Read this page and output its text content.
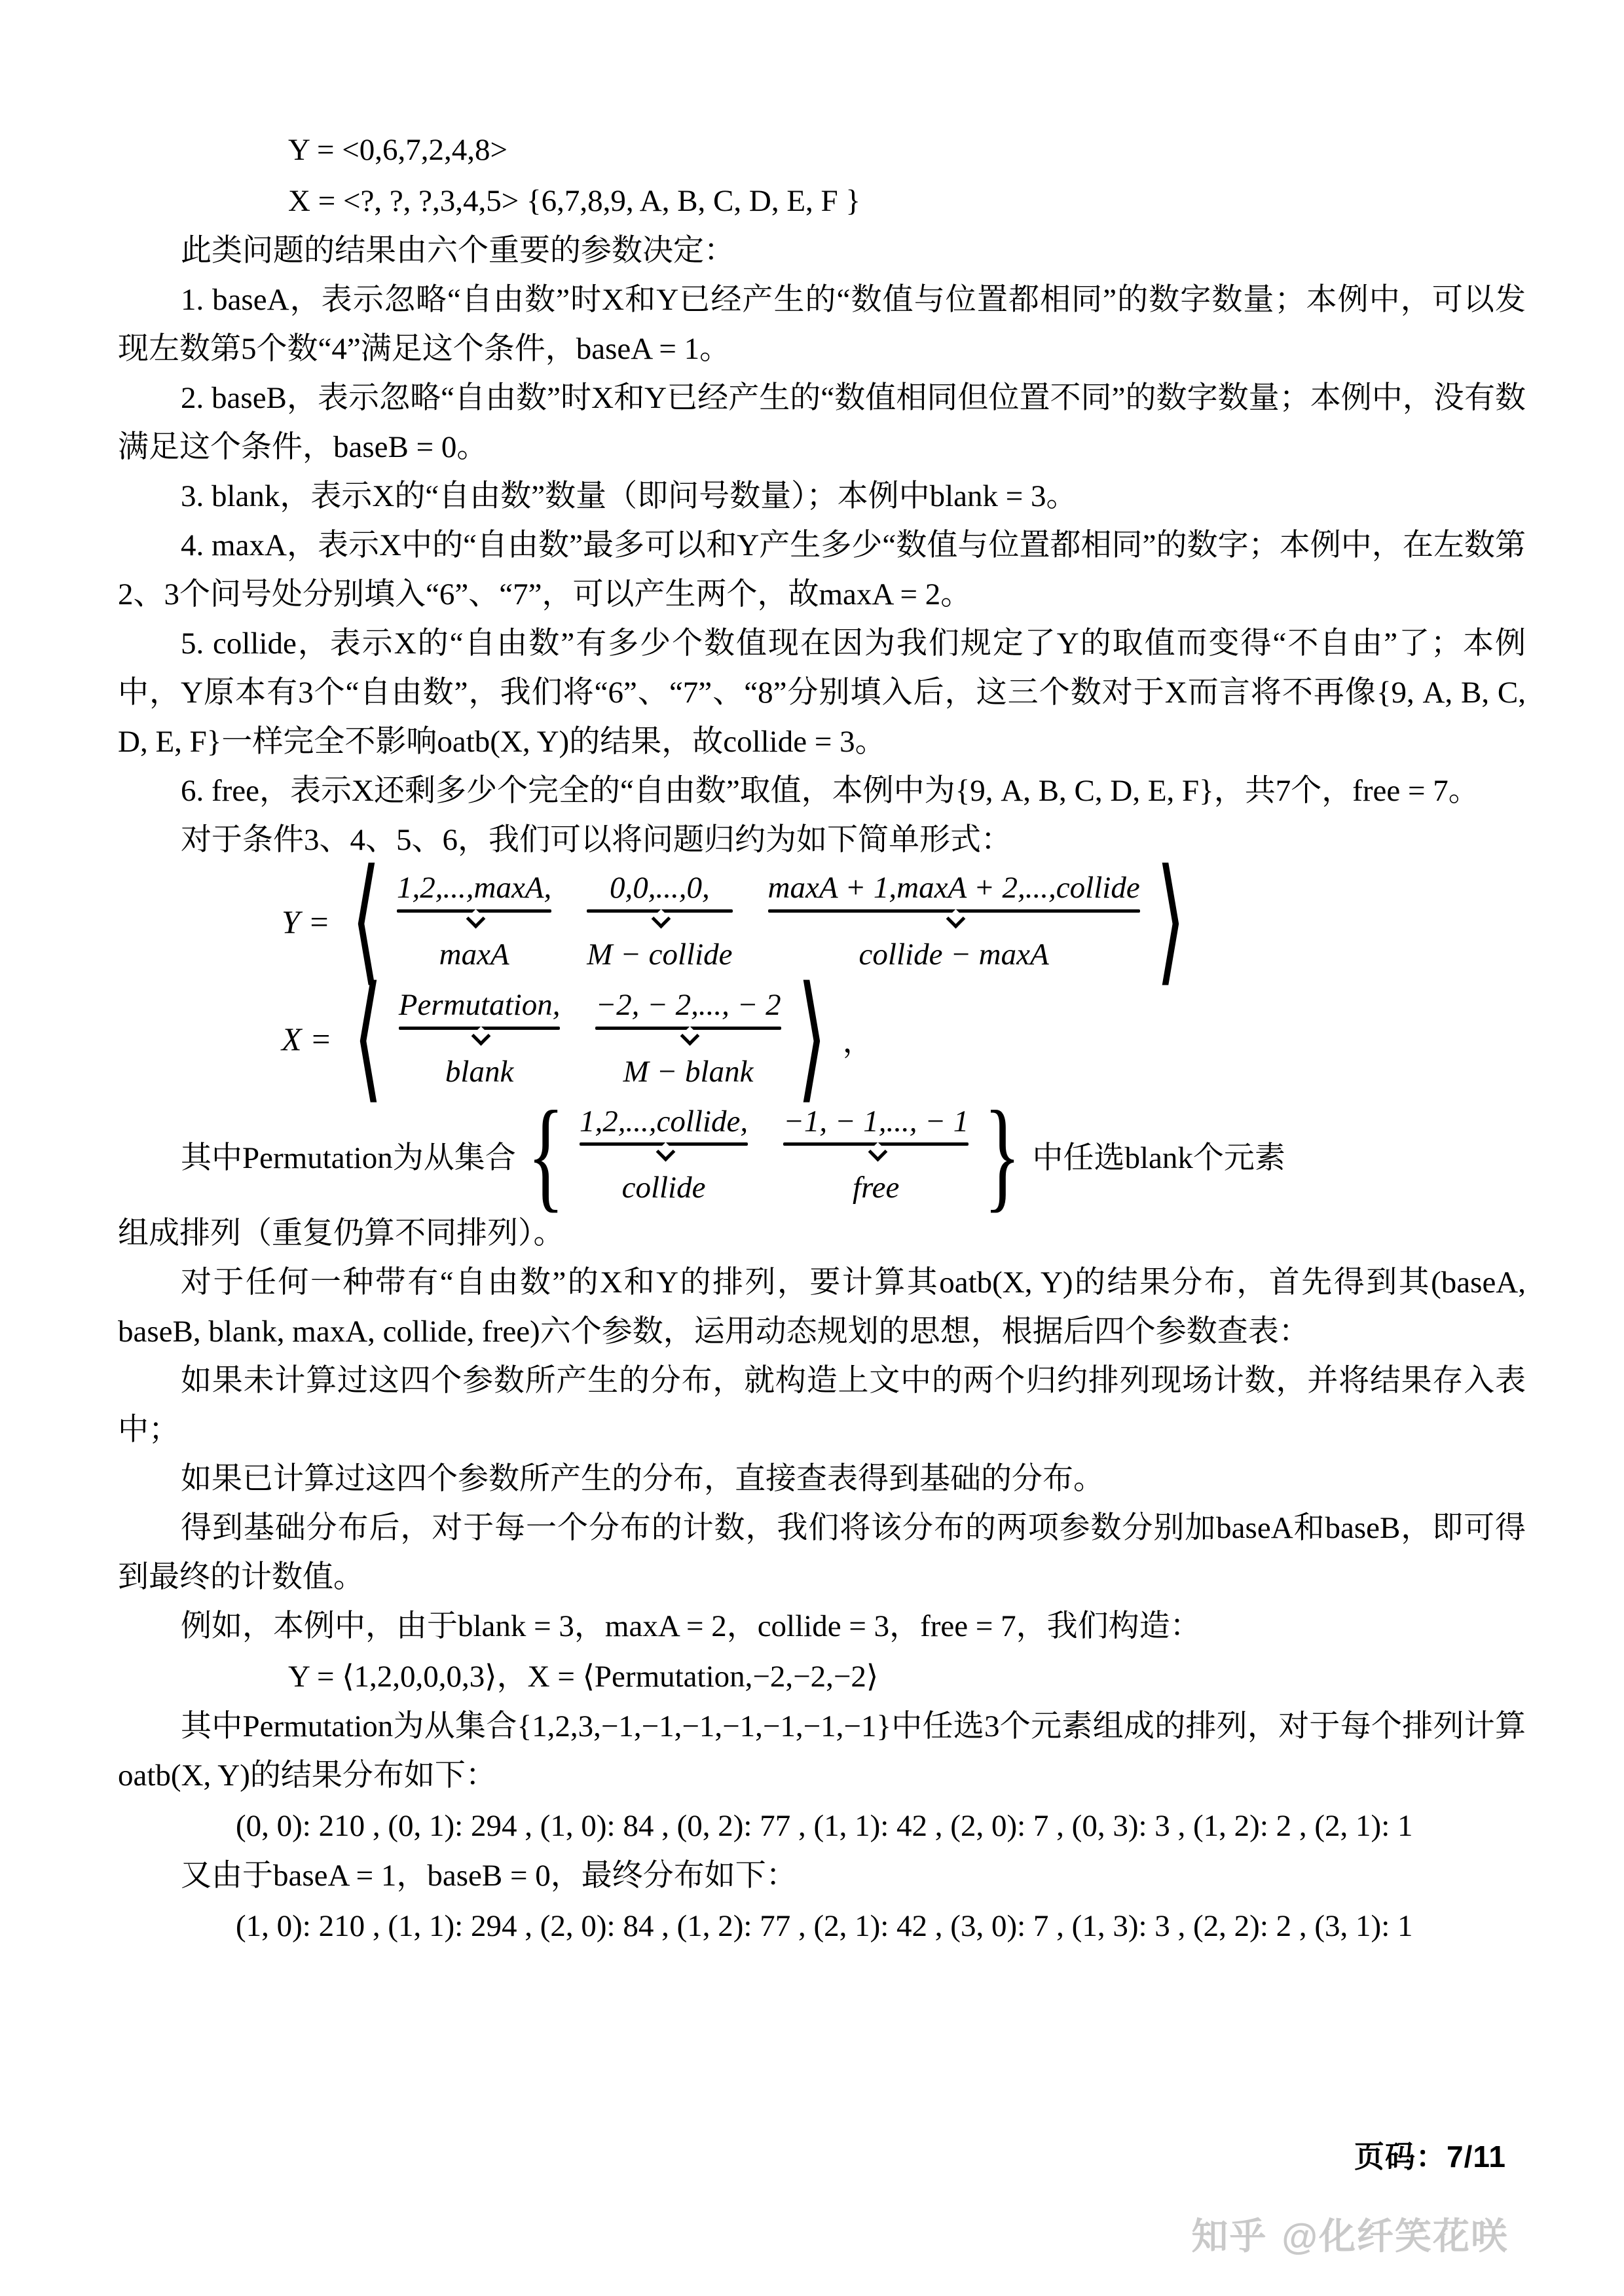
Y = <0,6,7,2,4,8>

X = <?, ?, ?,3,4,5> {6,7,8,9, A, B, C, D, E, F }

此类问题的结果由六个重要的参数决定：

1. baseA，表示忽略“自由数”时X和Y已经产生的“数值与位置都相同”的数字数量；本例中，可以发现左数第5个数“4”满足这个条件，baseA = 1。

2. baseB，表示忽略“自由数”时X和Y已经产生的“数值相同但位置不同”的数字数量；本例中，没有数满足这个条件，baseB = 0。

3. blank，表示X的“自由数”数量（即问号数量）；本例中blank = 3。

4. maxA，表示X中的“自由数”最多可以和Y产生多少“数值与位置都相同”的数字；本例中，在左数第2、3个问号处分别填入“6”、“7”，可以产生两个，故maxA = 2。

5. collide，表示X的“自由数”有多少个数值现在因为我们规定了Y的取值而变得“不自由”了；本例中，Y原本有3个“自由数”，我们将“6”、“7”、“8”分别填入后，这三个数对于X而言将不再像{9, A, B, C, D, E, F}一样完全不影响oatb(X, Y)的结果，故collide = 3。

6. free，表示X还剩多少个完全的“自由数”取值，本例中为{9, A, B, C, D, E, F}，共7个，free = 7。

对于条件3、4、5、6，我们可以将问题归约为如下简单形式：

Y = ⟨ 1,2,...,maxA,
maxA
0,0,...,0,
M − collide
maxA + 1,maxA + 2,...,collide
collide − maxA ⟩
X = ⟨ Permutation,
blank
−2, − 2,..., − 2
M − blank ⟩ ，
其中Permutation为从集合 { 1,2,...,collide,
collide
−1, − 1,..., − 1
free } 中任选blank个元素

组成排列（重复仍算不同排列）。

对于任何一种带有“自由数”的X和Y的排列，要计算其oatb(X, Y)的结果分布，首先得到其(baseA, baseB, blank, maxA, collide, free)六个参数，运用动态规划的思想，根据后四个参数查表：

如果未计算过这四个参数所产生的分布，就构造上文中的两个归约排列现场计数，并将结果存入表中；

如果已计算过这四个参数所产生的分布，直接查表得到基础的分布。

得到基础分布后，对于每一个分布的计数，我们将该分布的两项参数分别加baseA和baseB，即可得到最终的计数值。

例如，本例中，由于blank = 3，maxA = 2，collide = 3，free = 7，我们构造：

Y = ⟨1,2,0,0,0,3⟩，X = ⟨Permutation,−2,−2,−2⟩

其中Permutation为从集合{1,2,3,−1,−1,−1,−1,−1,−1,−1}中任选3个元素组成的排列，对于每个排列计算oatb(X, Y)的结果分布如下：

(0, 0): 210 , (0, 1): 294 , (1, 0): 84 , (0, 2): 77 , (1, 1): 42 , (2, 0): 7 , (0, 3): 3 , (1, 2): 2 , (2, 1): 1

又由于baseA = 1，baseB = 0，最终分布如下：

(1, 0): 210 , (1, 1): 294 , (2, 0): 84 , (1, 2): 77 , (2, 1): 42 , (3, 0): 7 , (1, 3): 3 , (2, 2): 2 , (3, 1): 1

页码：7/11
知乎 @化纤笑花咲
